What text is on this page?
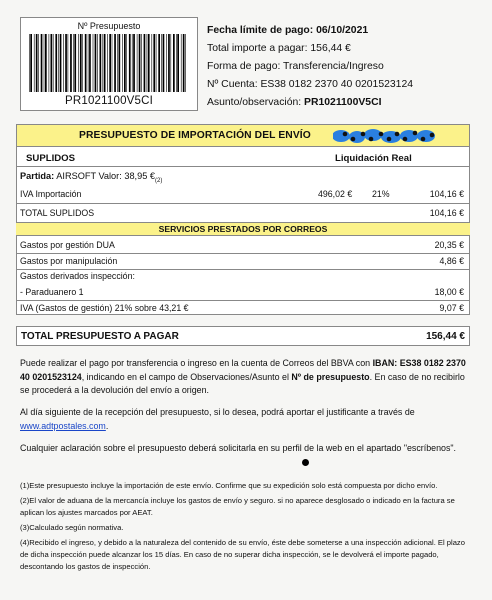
Nº Presupuesto
PR1021100V5CI
Fecha límite de pago: 06/10/2021
Total importe a pagar: 156,44 €
Forma de pago: Transferencia/Ingreso
Nº Cuenta: ES38 0182 2370 40 0201523124
Asunto/observación: PR1021100V5CI
PRESUPUESTO DE IMPORTACIÓN DEL ENVÍO
SUPLIDOS	Liquidación Real
Partida: AIRSOFT Valor: 38,95 $€_{(2)}$
IVA Importación	496,02 € 21%	104,16 €
TOTAL SUPLIDOS	104,16 €
SERVICIOS PRESTADOS POR CORREOS
Gastos por gestión DUA	20,35 €
Gastos por manipulación	4,86 €
Gastos derivados inspección:
- Paraduanero 1	18,00 €
IVA (Gastos de gestión) 21% sobre 43,21 €	9,07 €
TOTAL PRESUPUESTO A PAGAR	156,44 €
Puede realizar el pago por transferencia o ingreso en la cuenta de Correos del BBVA con IBAN: ES38 0182 2370 40 0201523124, indicando en el campo de Observaciones/Asunto el Nº de presupuesto. En caso de no recibirlo se procederá a la devolución del envío a origen.
Al día siguiente de la recepción del presupuesto, si lo desea, podrá aportar el justificante a través de
www.adtpostales.com.
Cualquier aclaración sobre el presupuesto deberá solicitarla en su perfil de la web en el apartado "escríbenos".
(1)Este presupuesto incluye la importación de este envío. Confirme que su expedición solo está compuesta por dicho envío.
(2)El valor de aduana de la mercancía incluye los gastos de envío y seguro. si no aparece desglosado o indicado en la factura se aplican los ajustes marcados por AEAT.
(3)Calculado según normativa.
(4)Recibido el ingreso, y debido a la naturaleza del contenido de su envío, éste debe someterse a una inspección adicional. El plazo de dicha inspección puede alcanzar los 15 días. En caso de no superar dicha inspección, se le devolverá el importe pagado, descontando los gastos de inspección.
